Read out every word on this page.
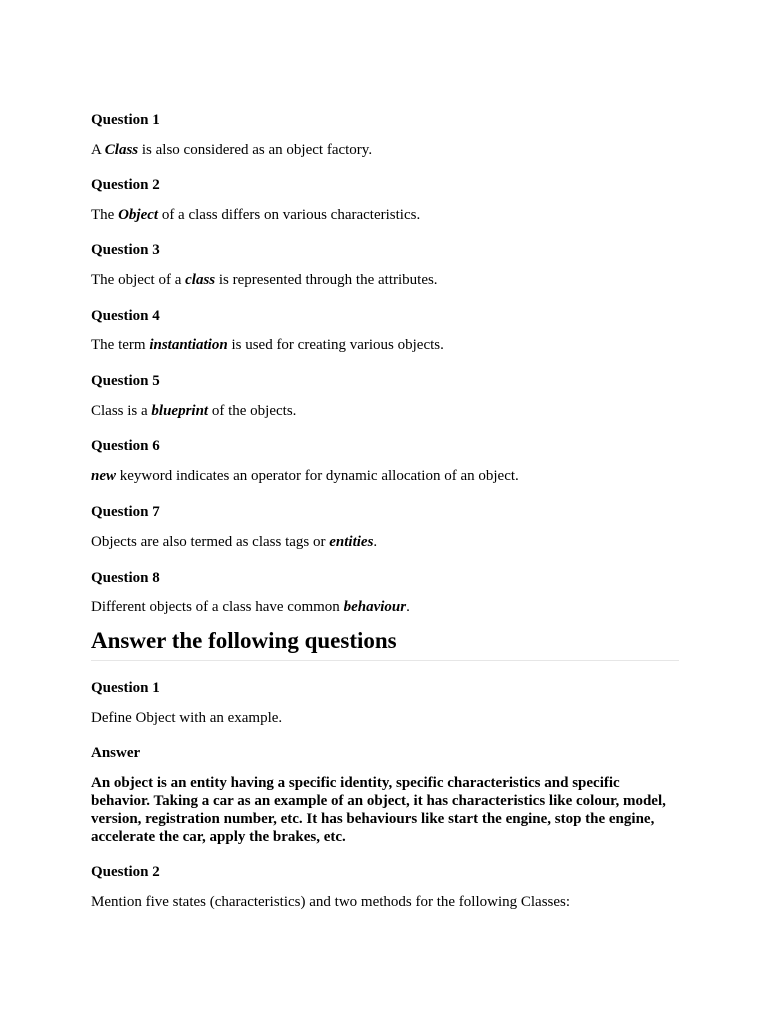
Question 1
A Class is also considered as an object factory.
Question 2
The Object of a class differs on various characteristics.
Question 3
The object of a class is represented through the attributes.
Question 4
The term instantiation is used for creating various objects.
Question 5
Class is a blueprint of the objects.
Question 6
new keyword indicates an operator for dynamic allocation of an object.
Question 7
Objects are also termed as class tags or entities.
Question 8
Different objects of a class have common behaviour.
Answer the following questions
Question 1
Define Object with an example.
Answer
An object is an entity having a specific identity, specific characteristics and specific behavior. Taking a car as an example of an object, it has characteristics like colour, model, version, registration number, etc. It has behaviours like start the engine, stop the engine, accelerate the car, apply the brakes, etc.
Question 2
Mention five states (characteristics) and two methods for the following Classes:
